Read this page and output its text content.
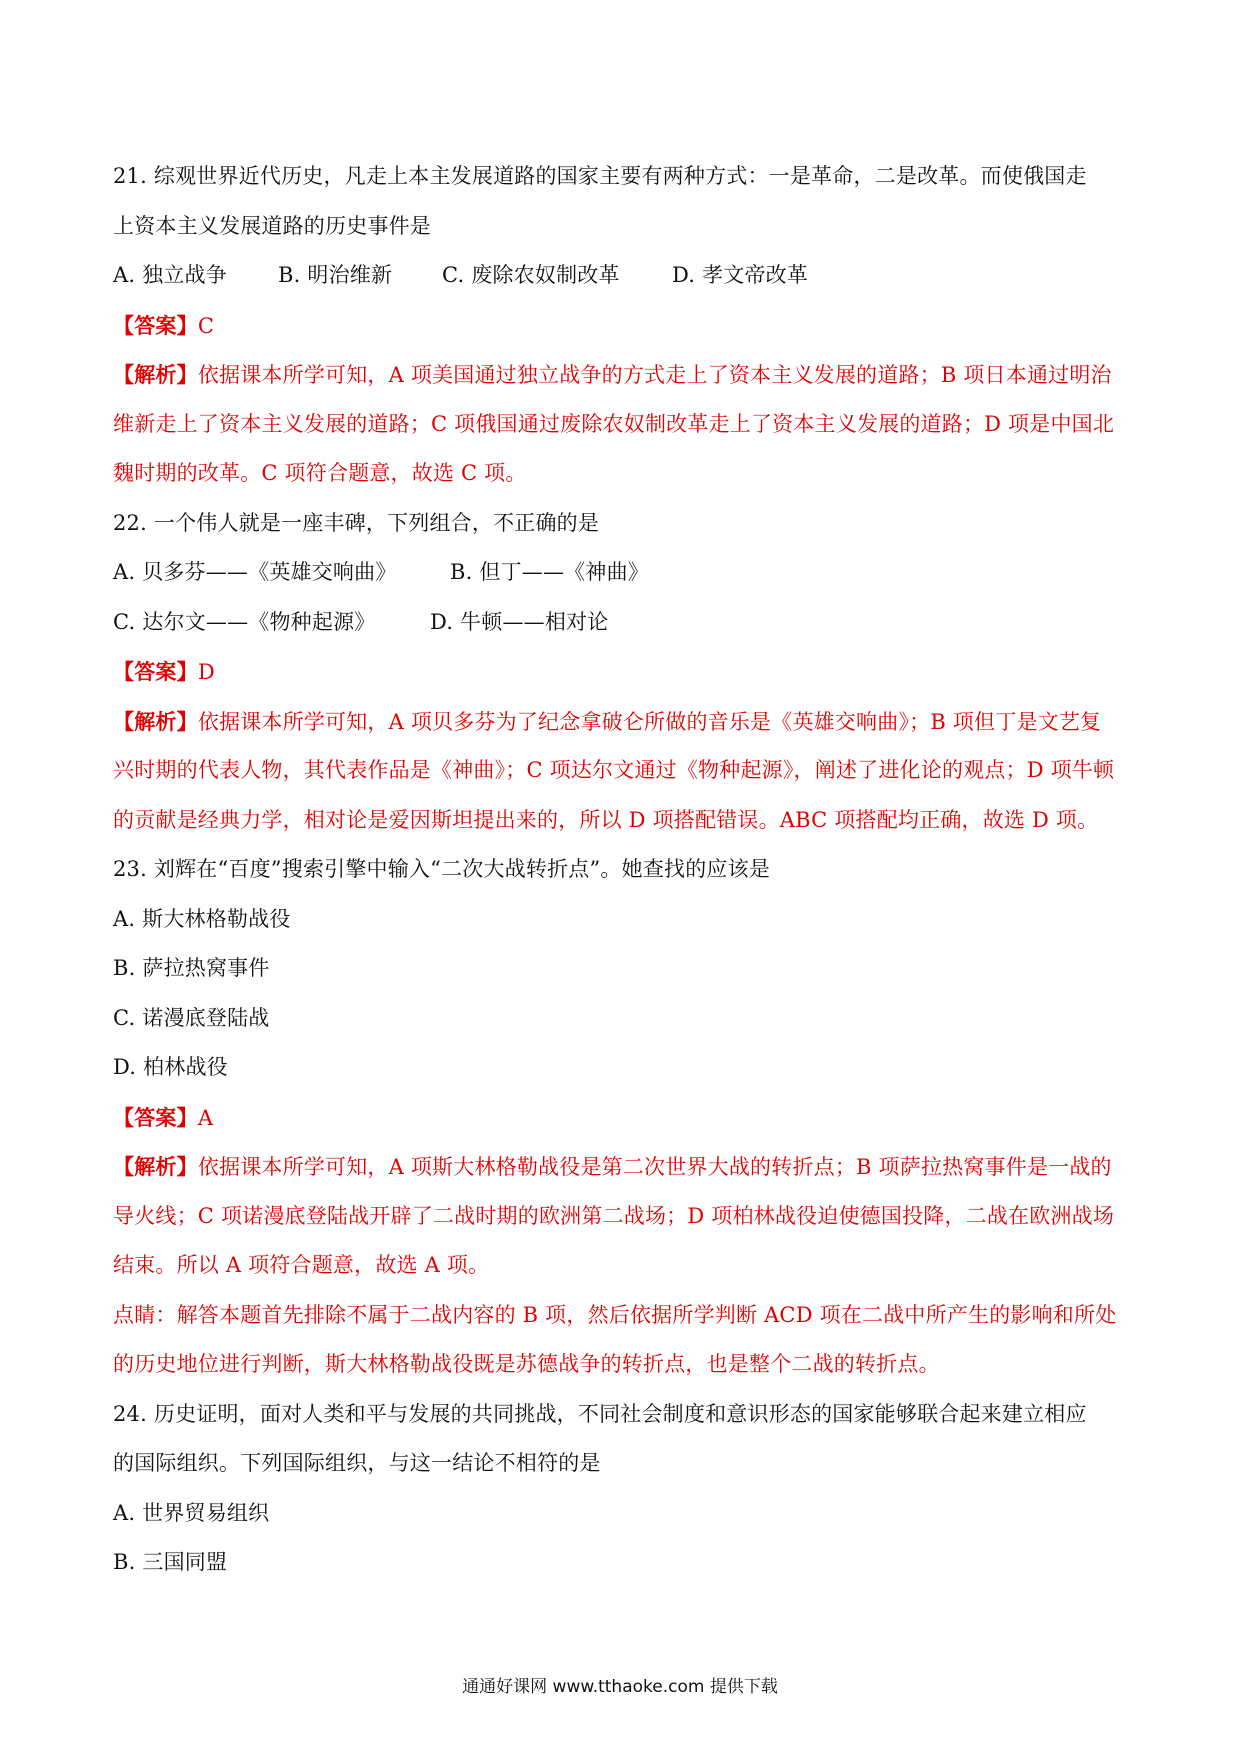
21. 综观世界近代历史，凡走上本主发展道路的国家主要有两种方式：一是革命，二是改革。而使俄国走
上资本主义发展道路的历史事件是
A. 独立战争 B. 明治维新 C. 废除农奴制改革 D. 孝文帝改革
【答案】C
【解析】依据课本所学可知，A 项美国通过独立战争的方式走上了资本主义发展的道路；B 项日本通过明治
维新走上了资本主义发展的道路；C 项俄国通过废除农奴制改革走上了资本主义发展的道路；D 项是中国北
魏时期的改革。C 项符合题意，故选 C 项。
22. 一个伟人就是一座丰碑，下列组合，不正确的是
A. 贝多芬——《英雄交响曲》	B. 但丁——《神曲》
C. 达尔文——《物种起源》	D. 牛顿——相对论
【答案】D
【解析】依据课本所学可知，A 项贝多芬为了纪念拿破仑所做的音乐是《英雄交响曲》；B 项但丁是文艺复
兴时期的代表人物，其代表作品是《神曲》；C 项达尔文通过《物种起源》，阐述了进化论的观点；D 项牛顿
的贡献是经典力学，相对论是爱因斯坦提出来的，所以 D 项搭配错误。ABC 项搭配均正确，故选 D 项。
23. 刘辉在“百度”搜索引擎中输入“二次大战转折点”。她查找的应该是
A. 斯大林格勒战役
B. 萨拉热窝事件
C. 诺漫底登陆战
D. 柏林战役
【答案】A
【解析】依据课本所学可知，A 项斯大林格勒战役是第二次世界大战的转折点；B 项萨拉热窝事件是一战的
导火线；C 项诺漫底登陆战开辟了二战时期的欧洲第二战场；D 项柏林战役迫使德国投降，二战在欧洲战场
结束。所以 A 项符合题意，故选 A 项。
点睛：解答本题首先排除不属于二战内容的 B 项，然后依据所学判断 ACD 项在二战中所产生的影响和所处
的历史地位进行判断，斯大林格勒战役既是苏德战争的转折点，也是整个二战的转折点。
24. 历史证明，面对人类和平与发展的共同挑战，不同社会制度和意识形态的国家能够联合起来建立相应
的国际组织。下列国际组织，与这一结论不相符的是
A. 世界贸易组织
B. 三国同盟
通通好课网 www.tthaoke.com 提供下载
